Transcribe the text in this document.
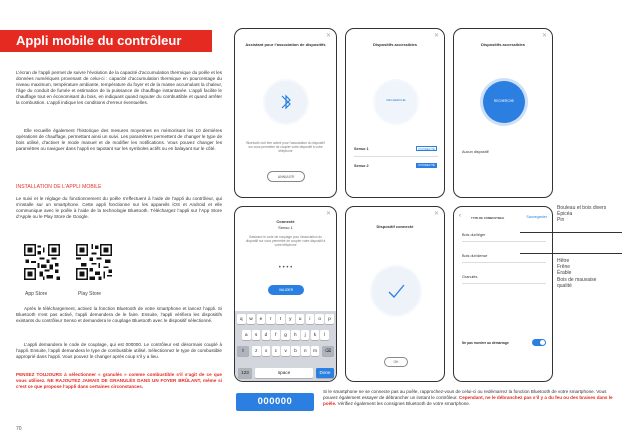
Appli mobile du contrôleur

L’écran de l’appli permet de suivre l’évolution de la capacité d’accumulation thermique du poêle et les données numériques provenant de celui-ci : capacité d’accumulation thermique en pourcentage du niveau maximum, température ambiante, température du foyer et de la masse accumulant la chaleur, l’âge du conduit de fumée et estimation de la puissance de chauffage instantanée. L’appli facilite le chauffage tout en économisant du bois, en indiquant quand rajouter du combustible et quand arrêter la combustion. L’appli indique les conditions d’erreur éventuelles.

Elle recueille également l’historique des mesures moyennes en mémorisant les 10 dernières opérations de chauffage, permettant ainsi un suivi. Les paramètres permettent de changer le type de bois utilisé, d’activer le mode manuel et de modifier les notifications. Vous pouvez changer les paramètres ou naviguer dans l’appli en tapotant sur les symboles actifs ou en balayant sur le côté.

INSTALLATION DE L’APPLI MOBILE

Le suivi et le réglage du fonctionnement du poêle s’effectuent à l’aide de l’appli du contrôleur, qui s’installe sur un smartphone. Cette appli fonctionne sur les appareils iOS et Android et elle communique avec le poêle à l’aide de la technologie Bluetooth. Téléchargez l’appli sur l’App Store d’Apple ou le Play Store de Google.

App Store	Play Store

Après le téléchargement, activez la fonction Bluetooth de votre smartphone et lancez l’appli. Si Bluetooth n’est pas activé, l’appli demandera de le faire. Ensuite, l’appli vérifiera les dispositifs existants du contrôleur Senso et demandera le couplage Bluetooth avec le dispositif sélectionné.

L’appli demandera le code de couplage, qui est 000000. Le contrôleur est désormais couplé à l’appli. Ensuite, l’appli demandera le type de combustible utilisé. Sélectionnez le type de combustible approprié dans l’appli. Vous pouvez le changer après coup s’il y a lieu.

PENSEZ TOUJOURS à sélectionner « granulés » comme combustible s’il s’agit de ce que vous utilisez. NE RAJOUTEZ JAMAIS DE GRANULÉS DANS UN FOYER BRÛLANT, même si c’est ce que propose l’appli dans certaines circonstances.

70
✕
Assistant pour l’association de dispositifs
Bluetooth doit être activé pour l’association du dispositif sur vous permettre de coupler votre dispositif à votre téléphone
ANNULER
✕
Dispositifs accessibles
RECHERCHE
Senso 1	CONNECTÉ
Senso 2	CONNECTÉ
✕
Dispositifs accessibles
RECHERCHE
Aucun dispositif
✕
Connecté
Senso 1
Saisissez le code de couplage pour l’association du dispositif sur vous permettre de coupler votre dispositif à votre téléphone
• • • •
VALIDER
q	w	e	r	t	y	u	i	o	p
a	s	d	f	g	h	j	k	l
z	x	c	v	b	n	m
⇧	⌫
123	space	Done
✕
Dispositif connecté
OK
‹	TYPE DE COMBUSTIBLE	Sauvegarder
Bois dur/léger
Bois dur/dense
Granulés
Ne pas montrer au démarrage
Bouleau et bois divers
Épicéa
Pin
Hêtre
Frêne
Érable
Bois de mauvaise
qualité
000000

Si le smartphone ne se connecte pas au poêle, rapprochez-vous de celui-ci ou redémarrez la fonction Bluetooth de votre smartphone. Vous pouvez également essayer de débrancher un instant le contrôleur. Cependant, ne le débranchez pas s’il y a du feu ou des braises dans le poêle. Vérifiez également les consignes Bluetooth de votre smartphone.
